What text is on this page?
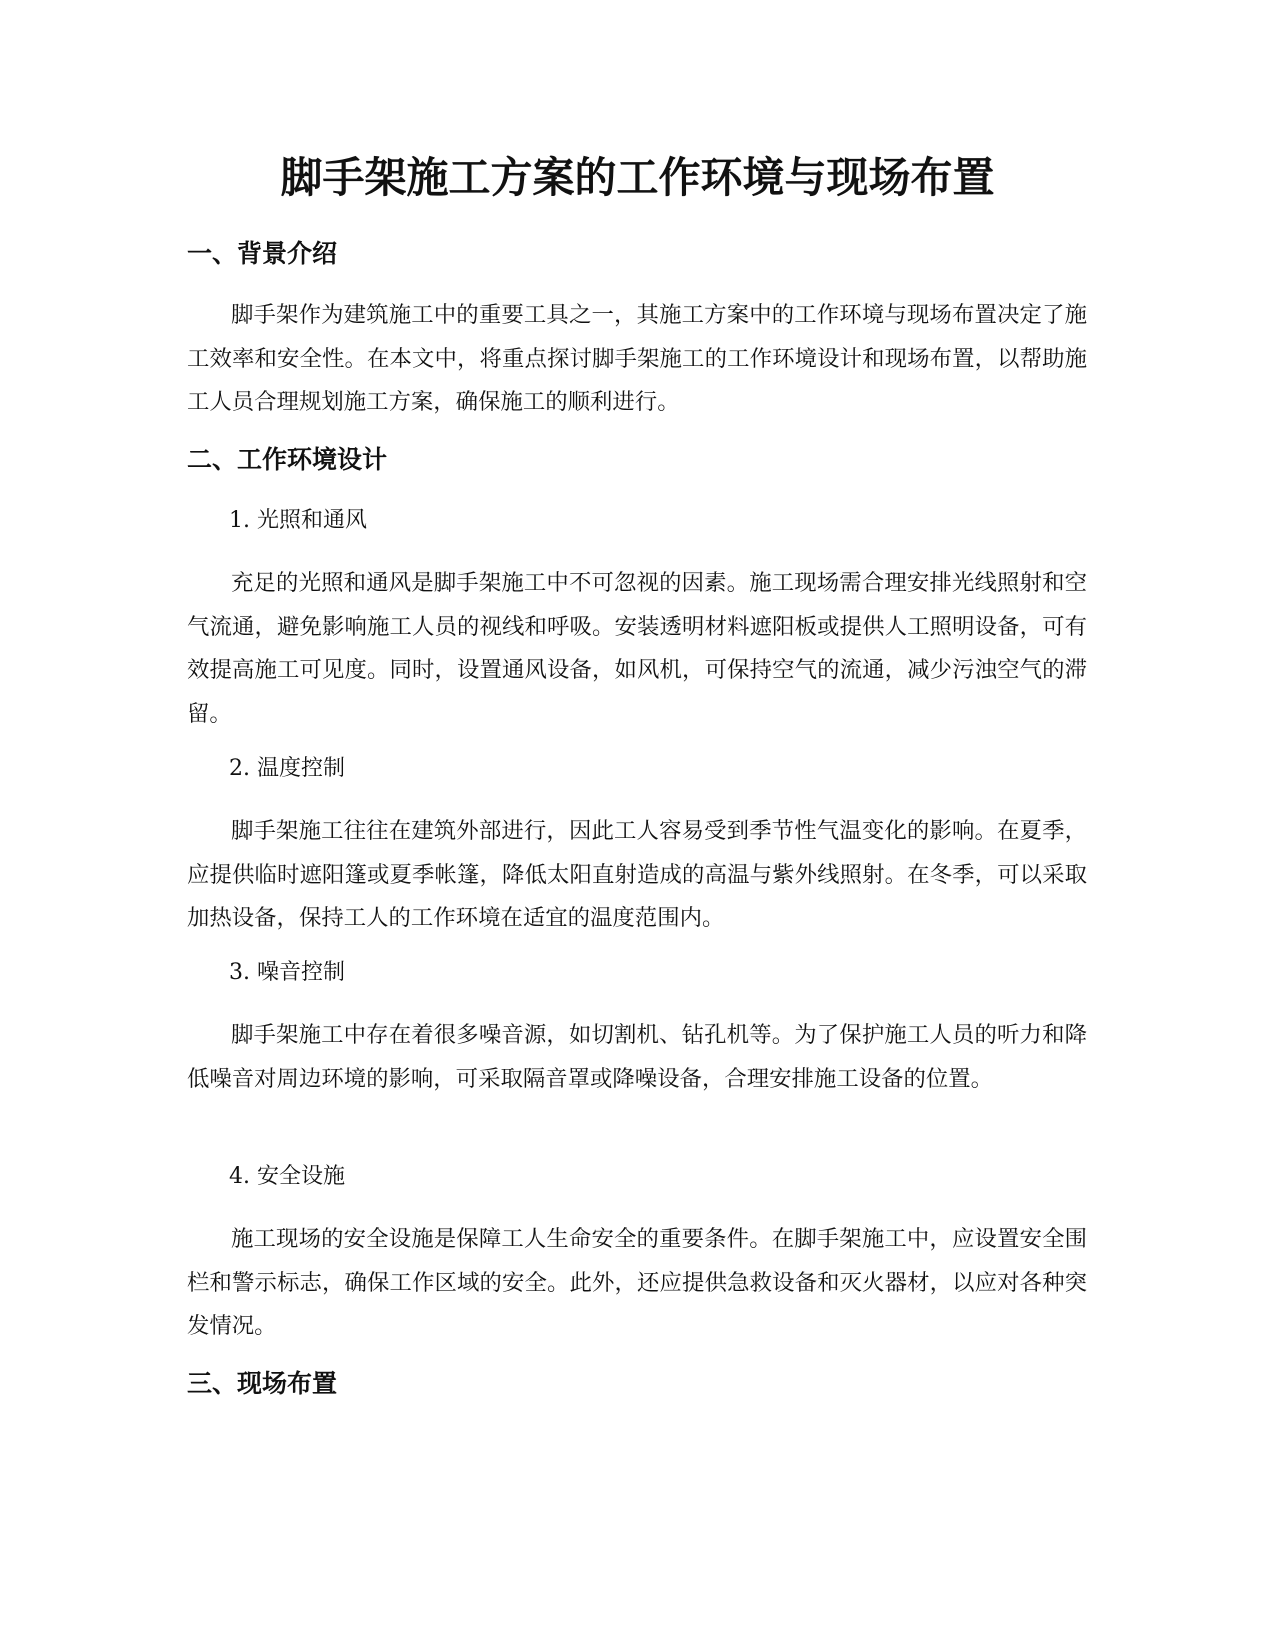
脚手架施工方案的工作环境与现场布置
一、背景介绍

脚手架作为建筑施工中的重要工具之一，其施工方案中的工作环境与现场布置决定了施工效率和安全性。在本文中，将重点探讨脚手架施工的工作环境设计和现场布置，以帮助施工人员合理规划施工方案，确保施工的顺利进行。

二、工作环境设计

1. 光照和通风

充足的光照和通风是脚手架施工中不可忽视的因素。施工现场需合理安排光线照射和空气流通，避免影响施工人员的视线和呼吸。安装透明材料遮阳板或提供人工照明设备，可有效提高施工可见度。同时，设置通风设备，如风机，可保持空气的流通，减少污浊空气的滞留。

2. 温度控制

脚手架施工往往在建筑外部进行，因此工人容易受到季节性气温变化的影响。在夏季，应提供临时遮阳篷或夏季帐篷，降低太阳直射造成的高温与紫外线照射。在冬季，可以采取加热设备，保持工人的工作环境在适宜的温度范围内。

3. 噪音控制

脚手架施工中存在着很多噪音源，如切割机、钻孔机等。为了保护施工人员的听力和降低噪音对周边环境的影响，可采取隔音罩或降噪设备，合理安排施工设备的位置。

4. 安全设施

施工现场的安全设施是保障工人生命安全的重要条件。在脚手架施工中，应设置安全围栏和警示标志，确保工作区域的安全。此外，还应提供急救设备和灭火器材，以应对各种突发情况。

三、现场布置
